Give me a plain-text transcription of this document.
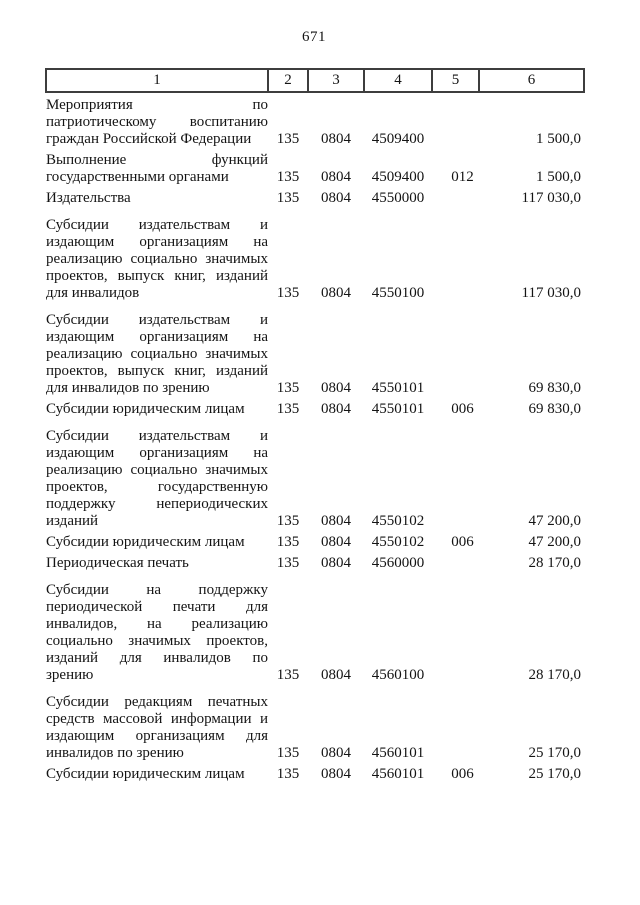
671
1	2	3	4	5	6

Мероприятия по
патриотическому воспитанию
граждан Российской Федерации	135	0804	4509400		1 500,0

Выполнение функций
государственными органами	135	0804	4509400	012	1 500,0

Издательства	135	0804	4550000		117 030,0

Субсидии издательствам и
издающим организациям на
реализацию социально значимых
проектов, выпуск книг, изданий
для инвалидов	135	0804	4550100		117 030,0

Субсидии издательствам и
издающим организациям на
реализацию социально значимых
проектов, выпуск книг, изданий
для инвалидов по зрению	135	0804	4550101		69 830,0

Субсидии юридическим лицам	135	0804	4550101	006	69 830,0

Субсидии издательствам и
издающим организациям на
реализацию социально значимых
проектов, государственную
поддержку непериодических
изданий	135	0804	4550102		47 200,0

Субсидии юридическим лицам	135	0804	4550102	006	47 200,0

Периодическая печать	135	0804	4560000		28 170,0

Субсидии на поддержку
периодической печати для
инвалидов, на реализацию
социально значимых проектов,
изданий для инвалидов по
зрению	135	0804	4560100		28 170,0

Субсидии редакциям печатных
средств массовой информации и
издающим организациям для
инвалидов по зрению	135	0804	4560101		25 170,0

Субсидии юридическим лицам	135	0804	4560101	006	25 170,0
